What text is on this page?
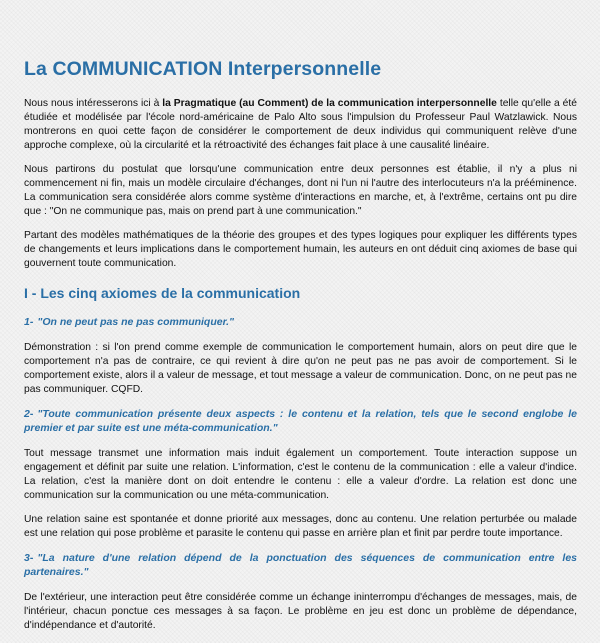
La COMMUNICATION Interpersonnelle

Nous nous intéresserons ici à la Pragmatique (au Comment) de la communication interpersonnelle telle qu'elle a été étudiée et modélisée par l'école nord-américaine de Palo Alto sous l'impulsion du Professeur Paul Watzlawick. Nous montrerons en quoi cette façon de considérer le comportement de deux individus qui communiquent relève d'une approche complexe, où la circularité et la rétroactivité des échanges fait place à une causalité linéaire.

Nous partirons du postulat que lorsqu'une communication entre deux personnes est établie, il n'y a plus ni commencement ni fin, mais un modèle circulaire d'échanges, dont ni l'un ni l'autre des interlocuteurs n'a la prééminence. La communication sera considérée alors comme système d'interactions en marche, et, à l'extrême, certains ont pu dire que : "On ne communique pas, mais on prend part à une communication."

Partant des modèles mathématiques de la théorie des groupes et des types logiques pour expliquer les différents types de changements et leurs implications dans le comportement humain, les auteurs en ont déduit cinq axiomes de base qui gouvernent toute communication.

I - Les cinq axiomes de la communication
1- "On ne peut pas ne pas communiquer."

Démonstration : si l'on prend comme exemple de communication le comportement humain, alors on peut dire que le comportement n'a pas de contraire, ce qui revient à dire qu'on ne peut pas ne pas avoir de comportement. Si le comportement existe, alors il a valeur de message, et tout message a valeur de communication. Donc, on ne peut pas ne pas communiquer. CQFD.

2- "Toute communication présente deux aspects : le contenu et la relation, tels que le second englobe le premier et par suite est une méta-communication."

Tout message transmet une information mais induit également un comportement. Toute interaction suppose un engagement et définit par suite une relation. L'information, c'est le contenu de la communication : elle a valeur d'indice. La relation, c'est la manière dont on doit entendre le contenu : elle a valeur d'ordre. La relation est donc une communication sur la communication ou une méta-communication.

Une relation saine est spontanée et donne priorité aux messages, donc au contenu. Une relation perturbée ou malade est une relation qui pose problème et parasite le contenu qui passe en arrière plan et finit par perdre toute importance.

3- "La nature d'une relation dépend de la ponctuation des séquences de communication entre les partenaires."

De l'extérieur, une interaction peut être considérée comme un échange ininterrompu d'échanges de messages, mais, de l'intérieur, chacun ponctue ces messages à sa façon. Le problème en jeu est donc un problème de dépendance, d'indépendance et d'autorité.
